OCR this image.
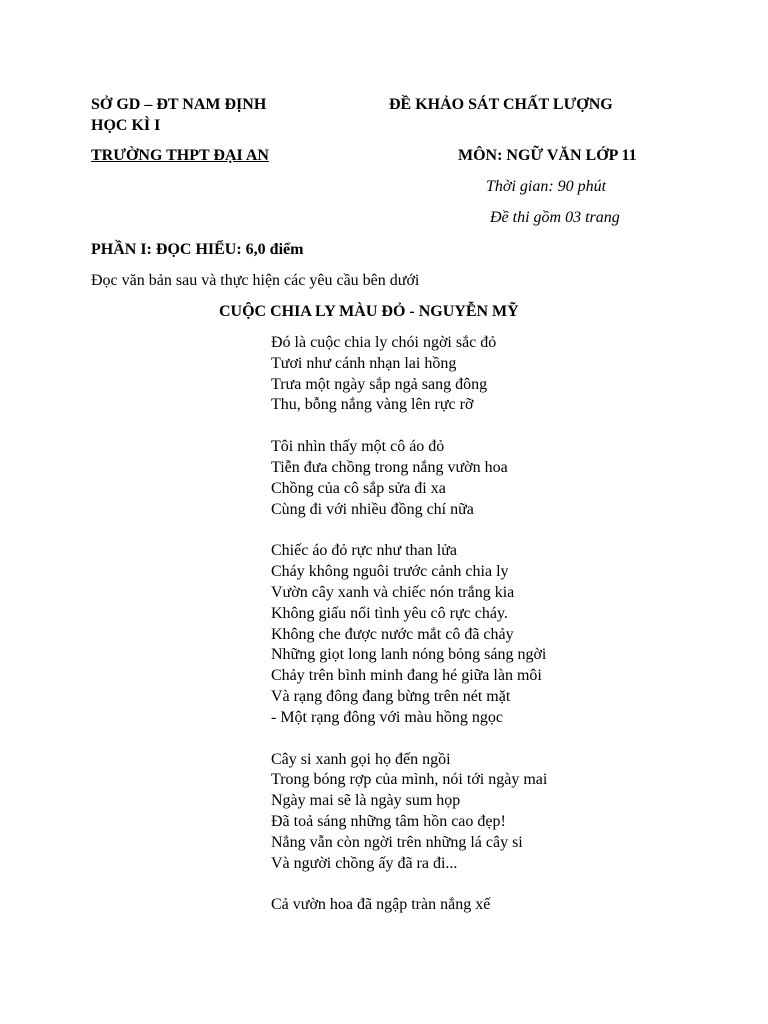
SỞ GD – ĐT NAM ĐỊNH	ĐỀ KHẢO SÁT CHẤT LƯỢNG
HỌC KÌ I
TRƯỜNG THPT ĐẠI AN	MÔN: NGỮ VĂN LỚP 11
Thời gian: 90 phút
Đề thi gồm 03 trang
PHẦN I: ĐỌC HIỂU: 6,0 điểm
Đọc văn bản sau và thực hiện các yêu cầu bên dưới
CUỘC CHIA LY MÀU ĐỎ - NGUYỄN MỸ
Đó là cuộc chia ly chói ngời sắc đỏ
Tươi như cánh nhạn lai hồng
Trưa một ngày sắp ngả sang đông
Thu, bỗng nắng vàng lên rực rỡ
Tôi nhìn thấy một cô áo đỏ
Tiễn đưa chồng trong nắng vườn hoa
Chồng của cô sắp sửa đi xa
Cùng đi với nhiều đồng chí nữa
Chiếc áo đỏ rực như than lửa
Cháy không nguôi trước cảnh chia ly
Vườn cây xanh và chiếc nón trắng kia
Không giấu nổi tình yêu cô rực cháy.
Không che được nước mắt cô đã chảy
Những giọt long lanh nóng bỏng sáng ngời
Chảy trên bình minh đang hé giữa làn môi
Và rạng đông đang bừng trên nét mặt
- Một rạng đông với màu hồng ngọc
Cây si xanh gọi họ đến ngồi
Trong bóng rợp của mình, nói tới ngày mai
Ngày mai sẽ là ngày sum họp
Đã toả sáng những tâm hồn cao đẹp!
Nắng vẫn còn ngời trên những lá cây si
Và người chồng ấy đã ra đi...
Cả vườn hoa đã ngập tràn nắng xế
